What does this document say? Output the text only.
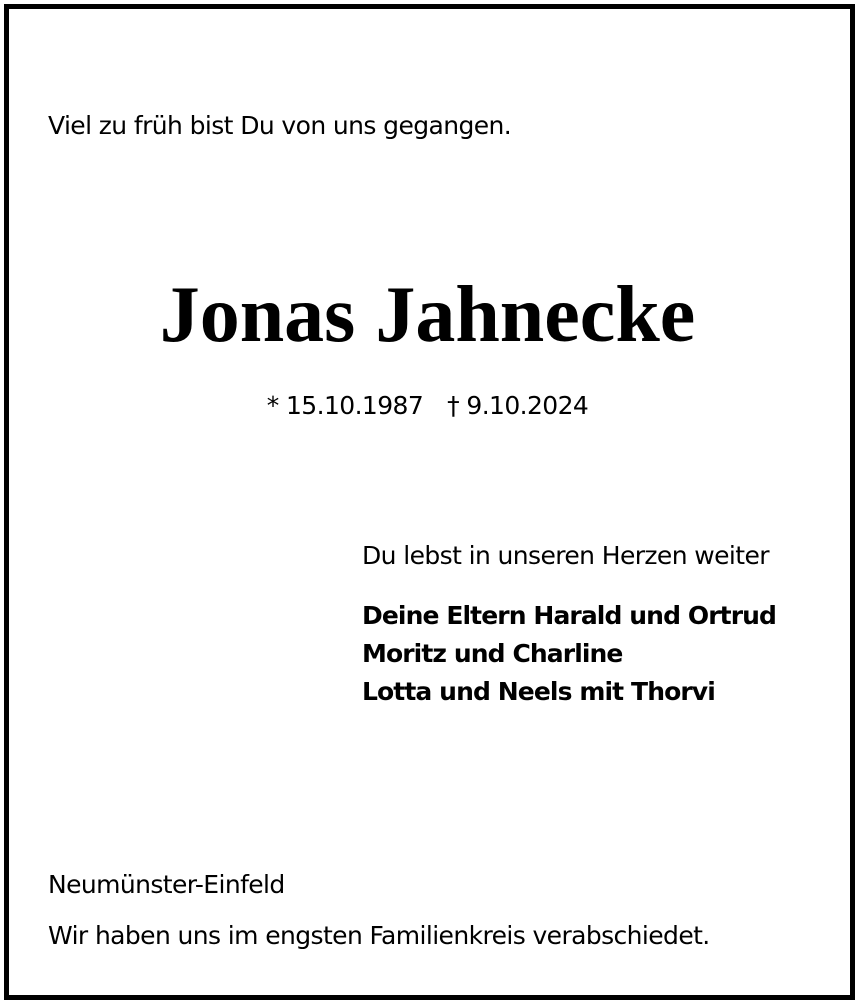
Viel zu früh bist Du von uns gegangen.
Jonas Jahnecke
* 15.10.1987 † 9.10.2024
Du lebst in unseren Herzen weiter
Deine Eltern Harald und Ortrud
Moritz und Charline
Lotta und Neels mit Thorvi
Neumünster-Einfeld
Wir haben uns im engsten Familienkreis verabschiedet.
